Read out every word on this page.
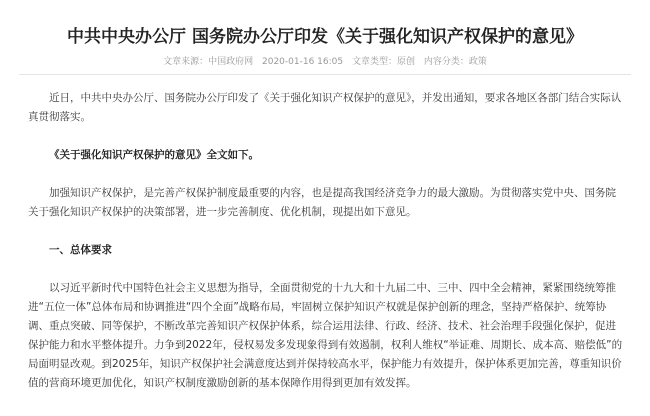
中共中央办公厅 国务院办公厅印发《关于强化知识产权保护的意见》
文章来源：中国政府网 2020-01-16 16:05 文章类型：原创 内容分类：政策

近日，中共中央办公厅、国务院办公厅印发了《关于强化知识产权保护的意见》，并发出通知，要求各地区各部门结合实际认真贯彻落实。

《关于强化知识产权保护的意见》全文如下。

加强知识产权保护，是完善产权保护制度最重要的内容，也是提高我国经济竞争力的最大激励。为贯彻落实党中央、国务院关于强化知识产权保护的决策部署，进一步完善制度、优化机制，现提出如下意见。

一、总体要求

以习近平新时代中国特色社会主义思想为指导，全面贯彻党的十九大和十九届二中、三中、四中全会精神，紧紧围绕统筹推进“五位一体”总体布局和协调推进“四个全面”战略布局，牢固树立保护知识产权就是保护创新的理念，坚持严格保护、统筹协调、重点突破、同等保护，不断改革完善知识产权保护体系，综合运用法律、行政、经济、技术、社会治理手段强化保护，促进保护能力和水平整体提升。力争到2022年，侵权易发多发现象得到有效遏制，权利人维权“举证难、周期长、成本高、赔偿低”的局面明显改观。到2025年，知识产权保护社会满意度达到并保持较高水平，保护能力有效提升，保护体系更加完善，尊重知识价值的营商环境更加优化，知识产权制度激励创新的基本保障作用得到更加有效发挥。
